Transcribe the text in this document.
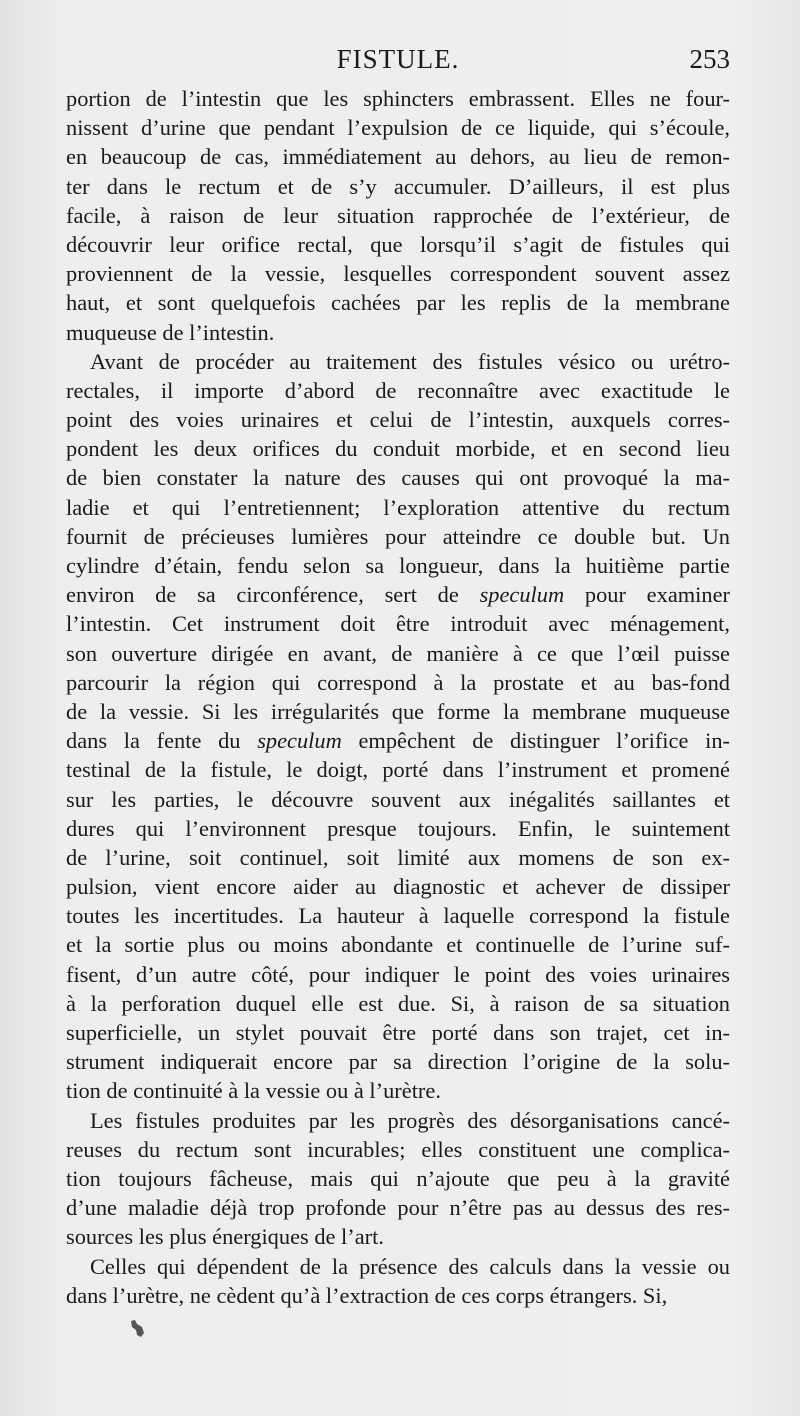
FISTULE.	253
portion de l’intestin que les sphincters embrassent. Elles ne four-
nissent d’urine que pendant l’expulsion de ce liquide, qui s’écoule,
en beaucoup de cas, immédiatement au dehors, au lieu de remon-
ter dans le rectum et de s’y accumuler. D’ailleurs, il est plus
facile, à raison de leur situation rapprochée de l’extérieur, de
découvrir leur orifice rectal, que lorsqu’il s’agit de fistules qui
proviennent de la vessie, lesquelles correspondent souvent assez
haut, et sont quelquefois cachées par les replis de la membrane
muqueuse de l’intestin.
Avant de procéder au traitement des fistules vésico ou urétro-
rectales, il importe d’abord de reconnaître avec exactitude le
point des voies urinaires et celui de l’intestin, auxquels corres-
pondent les deux orifices du conduit morbide, et en second lieu
de bien constater la nature des causes qui ont provoqué la ma-
ladie et qui l’entretiennent; l’exploration attentive du rectum
fournit de précieuses lumières pour atteindre ce double but. Un
cylindre d’étain, fendu selon sa longueur, dans la huitième partie
environ de sa circonférence, sert de speculum pour examiner
l’intestin. Cet instrument doit être introduit avec ménagement,
son ouverture dirigée en avant, de manière à ce que l’œil puisse
parcourir la région qui correspond à la prostate et au bas-fond
de la vessie. Si les irrégularités que forme la membrane muqueuse
dans la fente du speculum empêchent de distinguer l’orifice in-
testinal de la fistule, le doigt, porté dans l’instrument et promené
sur les parties, le découvre souvent aux inégalités saillantes et
dures qui l’environnent presque toujours. Enfin, le suintement
de l’urine, soit continuel, soit limité aux momens de son ex-
pulsion, vient encore aider au diagnostic et achever de dissiper
toutes les incertitudes. La hauteur à laquelle correspond la fistule
et la sortie plus ou moins abondante et continuelle de l’urine suf-
fisent, d’un autre côté, pour indiquer le point des voies urinaires
à la perforation duquel elle est due. Si, à raison de sa situation
superficielle, un stylet pouvait être porté dans son trajet, cet in-
strument indiquerait encore par sa direction l’origine de la solu-
tion de continuité à la vessie ou à l’urètre.
Les fistules produites par les progrès des désorganisations cancé-
reuses du rectum sont incurables; elles constituent une complica-
tion toujours fâcheuse, mais qui n’ajoute que peu à la gravité
d’une maladie déjà trop profonde pour n’être pas au dessus des res-
sources les plus énergiques de l’art.
Celles qui dépendent de la présence des calculs dans la vessie ou
dans l’urètre, ne cèdent qu’à l’extraction de ces corps étrangers. Si,
